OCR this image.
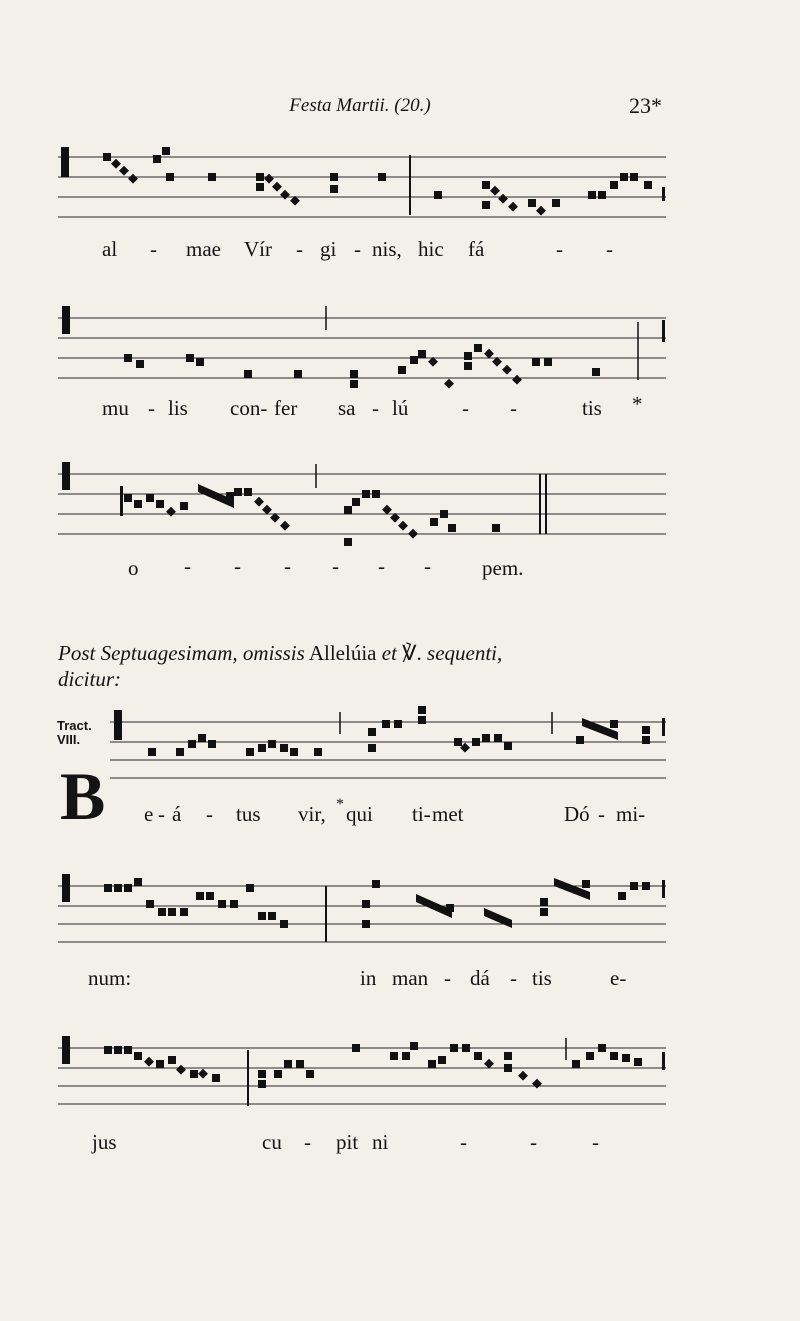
Festa Martii. (20.)	23*
al - mae Vír - gi - nis, hic fá	- -
mu - lis con- fer sa - lú	- -	tis *
o - - - - - - pem.
Post Septuagesimam, omissis Allelúia et ℣. sequenti,
dicitur:
Tract.
VIII.
B e - á - tus vir, * qui ti- met	Dó - mi-
num:	in man - dá - tis	e-
jus	cu - pit ni	-	-	-
